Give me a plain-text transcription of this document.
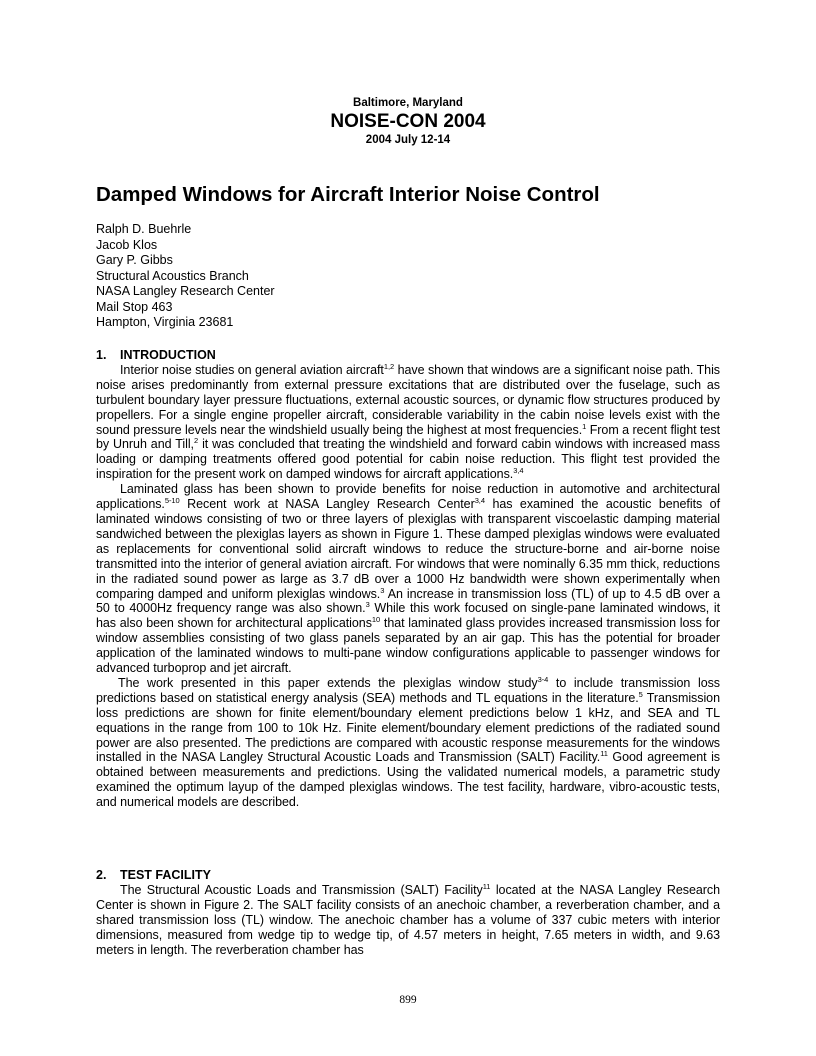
Baltimore, Maryland
NOISE-CON 2004
2004 July 12-14
Damped Windows for Aircraft Interior Noise Control
Ralph D. Buehrle
Jacob Klos
Gary P. Gibbs
Structural Acoustics Branch
NASA Langley Research Center
Mail Stop 463
Hampton, Virginia 23681
1. INTRODUCTION

Interior noise studies on general aviation aircraft$^{1,2}$ have shown that windows are a significant noise path. This noise arises predominantly from external pressure excitations that are distributed over the fuselage, such as turbulent boundary layer pressure fluctuations, external acoustic sources, or dynamic flow structures produced by propellers. For a single engine propeller aircraft, considerable variability in the cabin noise levels exist with the sound pressure levels near the windshield usually being the highest at most frequencies.$^1$ From a recent flight test by Unruh and Till,$^2$ it was concluded that treating the windshield and forward cabin windows with increased mass loading or damping treatments offered good potential for cabin noise reduction. This flight test provided the inspiration for the present work on damped windows for aircraft applications.$^{3,4}$

Laminated glass has been shown to provide benefits for noise reduction in automotive and architectural applications.$^{5-10}$ Recent work at NASA Langley Research Center$^{3,4}$ has examined the acoustic benefits of laminated windows consisting of two or three layers of plexiglas with transparent viscoelastic damping material sandwiched between the plexiglas layers as shown in Figure 1. These damped plexiglas windows were evaluated as replacements for conventional solid aircraft windows to reduce the structure-borne and air-borne noise transmitted into the interior of general aviation aircraft. For windows that were nominally 6.35 mm thick, reductions in the radiated sound power as large as 3.7 dB over a 1000 Hz bandwidth were shown experimentally when comparing damped and uniform plexiglas windows.$^3$ An increase in transmission loss (TL) of up to 4.5 dB over a 50 to 4000Hz frequency range was also shown.$^3$ While this work focused on single-pane laminated windows, it has also been shown for architectural applications$^{10}$ that laminated glass provides increased transmission loss for window assemblies consisting of two glass panels separated by an air gap. This has the potential for broader application of the laminated windows to multi-pane window configurations applicable to passenger windows for advanced turboprop and jet aircraft.

The work presented in this paper extends the plexiglas window study$^{3-4}$ to include transmission loss predictions based on statistical energy analysis (SEA) methods and TL equations in the literature.$^5$ Transmission loss predictions are shown for finite element/boundary element predictions below 1 kHz, and SEA and TL equations in the range from 100 to 10k Hz. Finite element/boundary element predictions of the radiated sound power are also presented. The predictions are compared with acoustic response measurements for the windows installed in the NASA Langley Structural Acoustic Loads and Transmission (SALT) Facility.$^{11}$ Good agreement is obtained between measurements and predictions. Using the validated numerical models, a parametric study examined the optimum layup of the damped plexiglas windows. The test facility, hardware, vibro-acoustic tests, and numerical models are described.

2. TEST FACILITY

The Structural Acoustic Loads and Transmission (SALT) Facility$^{11}$ located at the NASA Langley Research Center is shown in Figure 2. The SALT facility consists of an anechoic chamber, a reverberation chamber, and a shared transmission loss (TL) window. The anechoic chamber has a volume of 337 cubic meters with interior dimensions, measured from wedge tip to wedge tip, of 4.57 meters in height, 7.65 meters in width, and 9.63 meters in length. The reverberation chamber has

899
